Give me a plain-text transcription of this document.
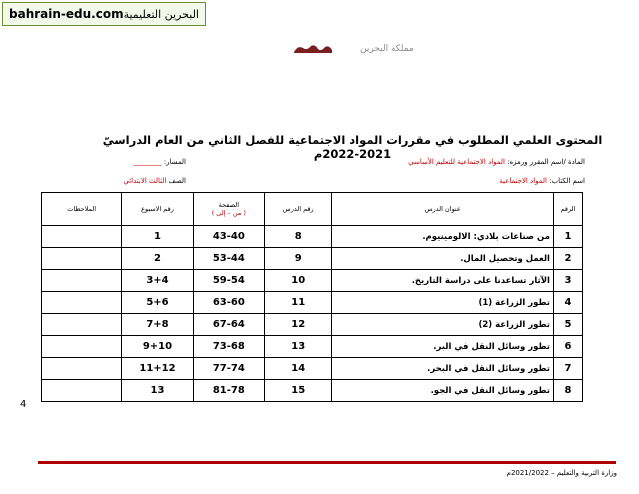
bahrain-edu.com البحرين التعليمية
مملكة البحرين
المحتوى العلمي المطلوب في مقررات المواد الاجتماعية للفصل الثاني من العام الدراسيّ 2021-2022م
المادة /اسم المقرر ورمزه: المواد الاجتماعية للتعليم الأساسي
المسار: ________
اسم الكتاب: المواد الاجتماعية
الصف الثالث الابتدائي
الرقم	عنوان الدرس	رقم الدرس	الصفحة
( من – إلى )	رقم الاسبوع	الملاحظات
1	من صناعات بلادي: الالومينيوم.	8	43-40	1	
2	العمل وتحصيل المال.	9	53-44	2	
3	الآثار تساعدنا على دراسة التاريخ.	10	59-54	3+4	
4	تطور الزراعة (1)	11	63-60	5+6	
5	تطور الزراعة (2)	12	67-64	7+8	
6	تطور وسائل النقل في البر.	13	73-68	9+10	
7	تطور وسائل النقل في البحر.	14	77-74	11+12	
8	تطور وسائل النقل في الجو.	15	81-78	13	
4
وزارة التربية والتعليم – 2021/2022م
